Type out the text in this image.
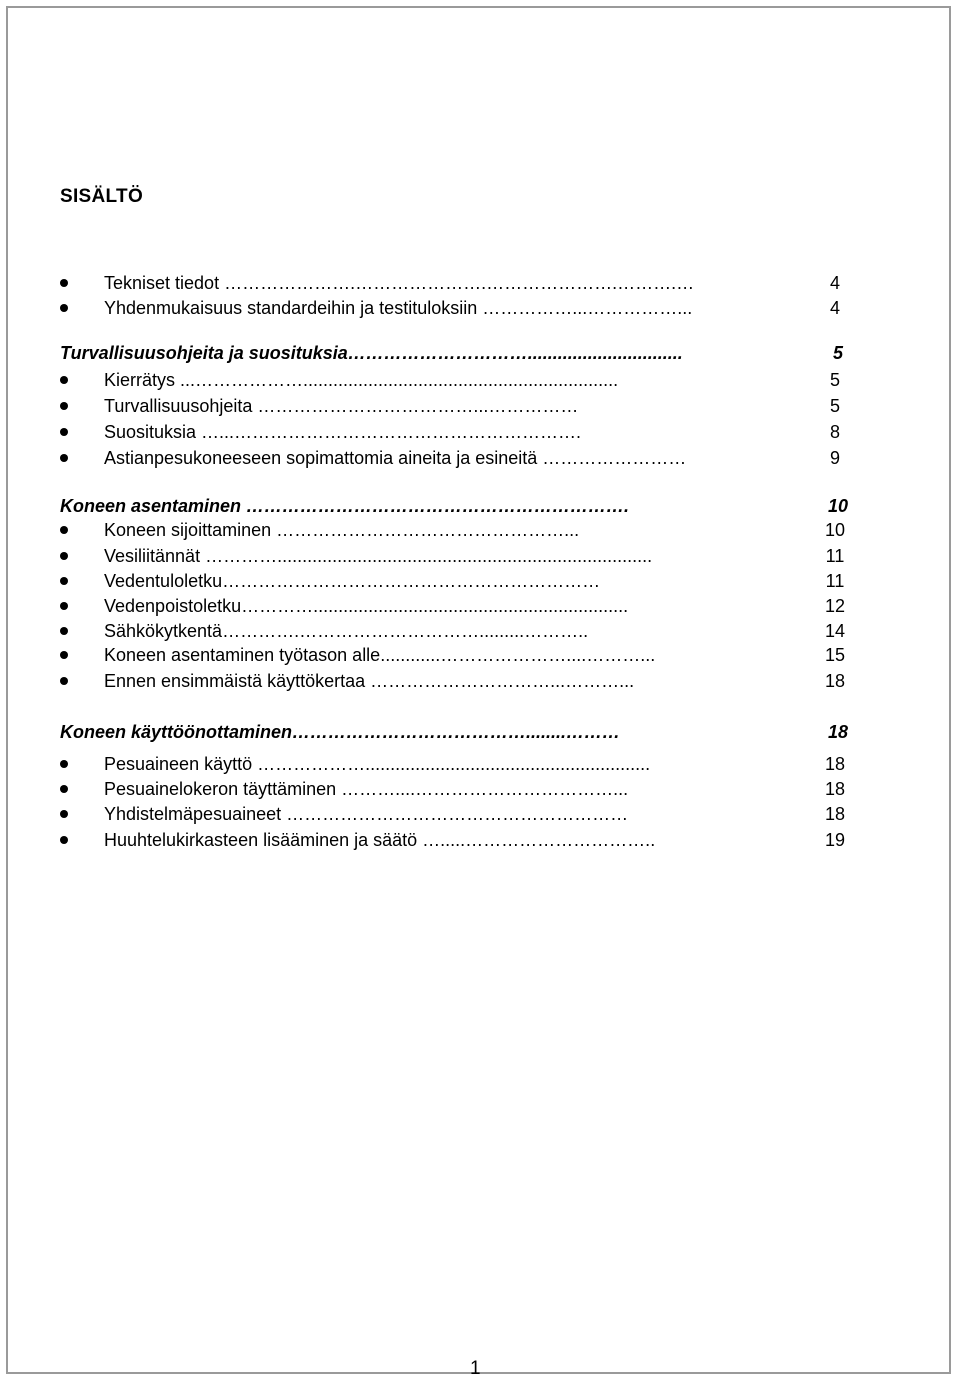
SISÄLTÖ
Tekniset tiedot ………………….………………….………………….……….…	4
Yhdenmukaisuus standardeihin ja testituloksiin ……………...……………...	4
Turvallisuusohjeita ja suosituksia…………………………...............................	5
Kierrätys ...………………...............................................................	5
Turvallisuusohjeita ………………………………...……………	5
Suosituksia …...………………………………………………….	8
Astianpesukoneeseen sopimattomia aineita ja esineitä ……………………	9
Koneen asentaminen ……………………………………………………….	10
Koneen sijoittaminen …………………………………………...	10
Vesiliitännät …………...........................................................................	11
Vedentuloletku………………………………………………………	11
Vedenpoistoletku…………...............................................................	12
Sähkökytkentä………….………………………….........………..	14
Koneen asentaminen työtason alle............…………………....………...	15
Ennen ensimmäistä käyttökertaa …………………………...………...	18
Koneen käyttöönottaminen…………………………………........………	18
Pesuaineen käyttö ……………….........................................................	18
Pesuainelokeron täyttäminen ………....……………………………...	18
Yhdistelmäpesuaineet …………………………………………………	18
Huuhtelukirkasteen lisääminen ja säätö ….....…………………………..	19
1
